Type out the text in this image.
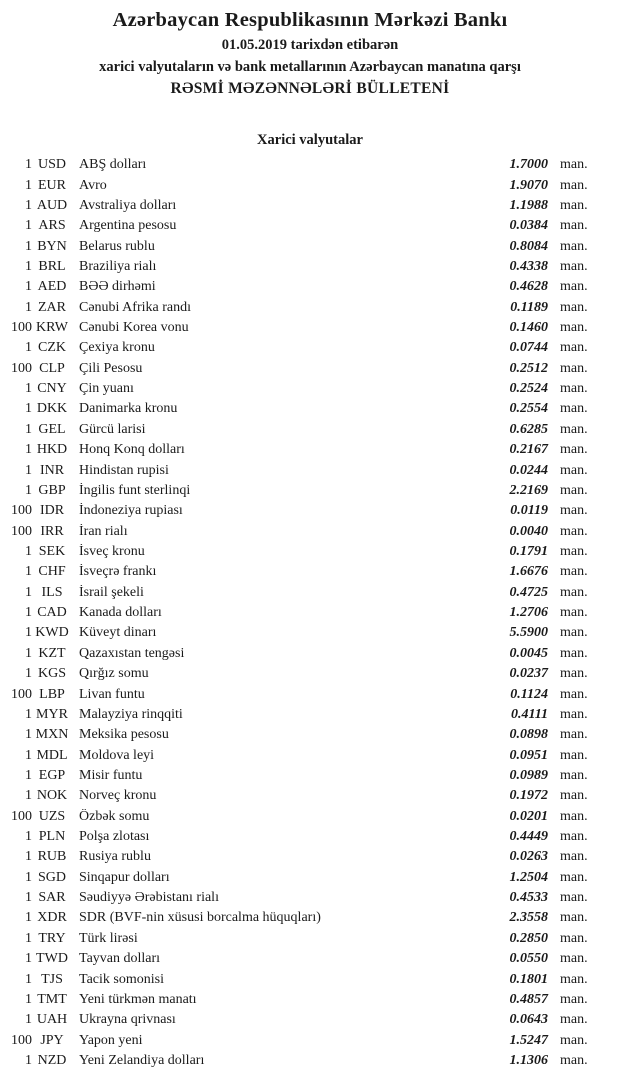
Azərbaycan Respublikasının Mərkəzi Bankı
01.05.2019 tarixdən etibarən
xarici valyutaların və bank metallarının Azərbaycan manatına qarşı
RƏSMİ MƏZƏNNƏLƏRİ BÜLLETENİ
Xarici valyutalar
1 USD ABŞ dolları	1.7000 man.
1 EUR Avro	1.9070 man.
1 AUD Avstraliya dolları	1.1988 man.
1 ARS Argentina pesosu	0.0384 man.
1 BYN Belarus rublu	0.8084 man.
1 BRL Braziliya rialı	0.4338 man.
1 AED BƏƏ dirhəmi	0.4628 man.
1 ZAR Cənubi Afrika randı	0.1189 man.
100 KRW Cənubi Korea vonu	0.1460 man.
1 CZK Çexiya kronu	0.0744 man.
100 CLP Çili Pesosu	0.2512 man.
1 CNY Çin yuanı	0.2524 man.
1 DKK Danimarka kronu	0.2554 man.
1 GEL Gürcü larisi	0.6285 man.
1 HKD Honq Konq dolları	0.2167 man.
1 INR	Hindistan rupisi	0.0244 man.
1 GBP İngilis funt sterlinqi	2.2169 man.
100 IDR	İndoneziya rupiası	0.0119 man.
100 IRR	İran rialı	0.0040 man.
1 SEK İsveç kronu	0.1791 man.
1 CHF İsveçrə frankı	1.6676 man.
1 ILS	İsrail şekeli	0.4725 man.
1 CAD Kanada dolları	1.2706 man.
1 KWD Küveyt dinarı	5.5900 man.
1 KZT Qazaxıstan tengəsi	0.0045 man.
1 KGS Qırğız somu	0.0237 man.
100 LBP Livan funtu	0.1124 man.
1 MYR Malayziya rinqqiti	0.4111 man.
1 MXN Meksika pesosu	0.0898 man.
1 MDL Moldova leyi	0.0951 man.
1 EGP Misir funtu	0.0989 man.
1 NOK Norveç kronu	0.1972 man.
100 UZS Özbək somu	0.0201 man.
1 PLN Polşa zlotası	0.4449 man.
1 RUB Rusiya rublu	0.0263 man.
1 SGD Sinqapur dolları	1.2504 man.
1 SAR Səudiyyə Ərəbistanı rialı	0.4533 man.
1 XDR SDR (BVF-nin xüsusi borcalma hüquqları)	2.3558 man.
1 TRY Türk lirəsi	0.2850 man.
1 TWD Tayvan dolları	0.0550 man.
1 TJS	Tacik somonisi	0.1801 man.
1 TMT Yeni türkmən manatı	0.4857 man.
1 UAH Ukrayna qrivnası	0.0643 man.
100 JPY	Yapon yeni	1.5247 man.
1 NZD Yeni Zelandiya dolları	1.1306 man.
